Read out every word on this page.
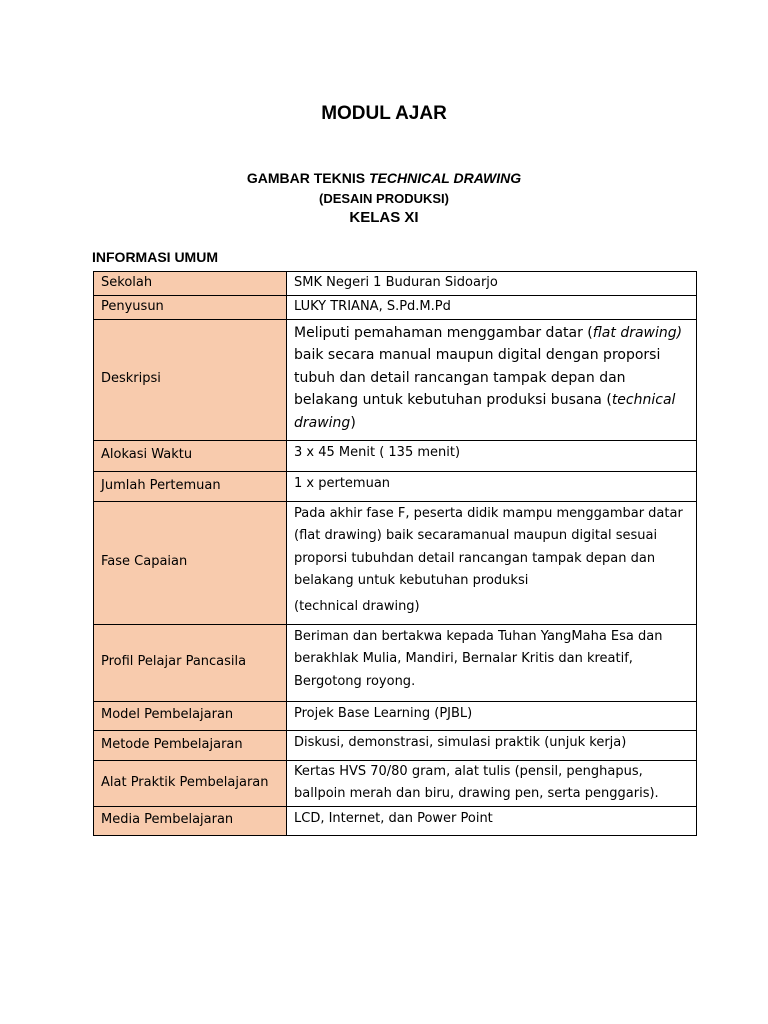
MODUL AJAR
GAMBAR TEKNIS TECHNICAL DRAWING
(DESAIN PRODUKSI)
KELAS XI
INFORMASI UMUM
Sekolah	SMK Negeri 1 Buduran Sidoarjo
Penyusun	LUKY TRIANA, S.Pd.M.Pd
Deskripsi	Meliputi pemahaman menggambar datar (flat drawing) baik secara manual maupun digital dengan proporsi tubuh dan detail rancangan tampak depan dan belakang untuk kebutuhan produksi busana (technical drawing)
Alokasi Waktu	3 x 45 Menit ( 135 menit)
Jumlah Pertemuan	1 x pertemuan
Fase Capaian	Pada akhir fase F, peserta didik mampu menggambar datar (flat drawing) baik secaramanual maupun digital sesuai proporsi tubuhdan detail rancangan tampak depan dan belakang untuk kebutuhan produksi
(technical drawing)

Profil Pelajar Pancasila	Beriman dan bertakwa kepada Tuhan YangMaha Esa dan berakhlak Mulia, Mandiri, Bernalar Kritis dan kreatif, Bergotong royong.
Model Pembelajaran	Projek Base Learning (PJBL)
Metode Pembelajaran	Diskusi, demonstrasi, simulasi praktik (unjuk kerja)
Alat Praktik Pembelajaran	Kertas HVS 70/80 gram, alat tulis (pensil, penghapus, ballpoin merah dan biru, drawing pen, serta penggaris).
Media Pembelajaran	LCD, Internet, dan Power Point
